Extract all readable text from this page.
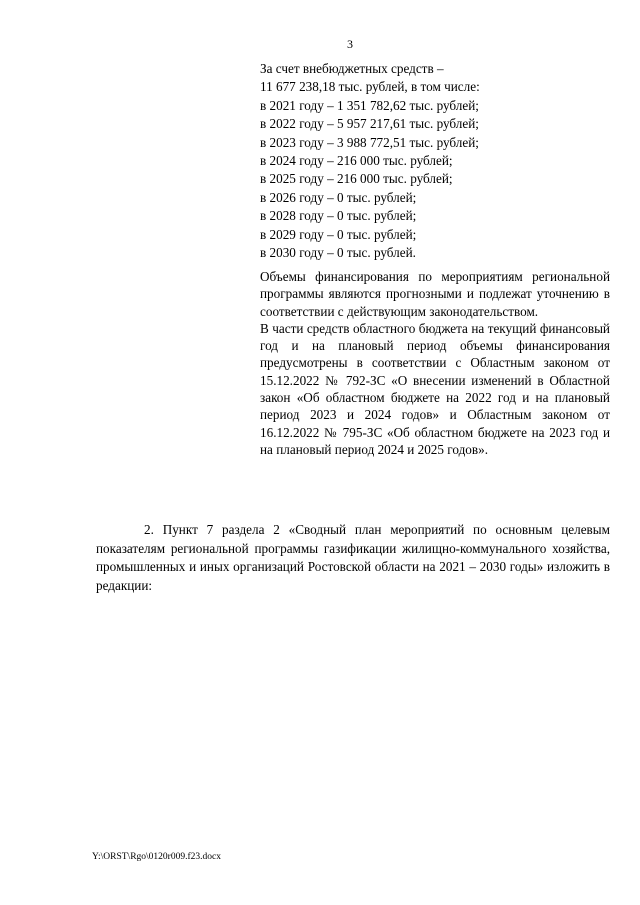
3
За счет внебюджетных средств –
11 677 238,18 тыс. рублей, в том числе:
в 2021 году – 1 351 782,62 тыс. рублей;
в 2022 году – 5 957 217,61 тыс. рублей;
в 2023 году – 3 988 772,51 тыс. рублей;
в 2024 году – 216 000 тыс. рублей;
в 2025 году – 216 000 тыс. рублей;
в 2026 году – 0 тыс. рублей;
в 2028 году – 0 тыс. рублей;
в 2029 году – 0 тыс. рублей;
в 2030 году – 0 тыс. рублей.

Объемы финансирования по мероприятиям региональной программы являются прогнозными и подлежат уточнению в соответствии с действующим законодательством.

В части средств областного бюджета на текущий финансовый год и на плановый период объемы финансирования предусмотрены в соответствии с Областным законом от 15.12.2022 № 792-ЗС «О внесении изменений в Областной закон «Об областном бюджете на 2022 год и на плановый период 2023 и 2024 годов» и Областным законом от 16.12.2022 № 795-ЗС «Об областном бюджете на 2023 год и на плановый период 2024 и 2025 годов».

2. Пункт 7 раздела 2 «Сводный план мероприятий по основным целевым показателям региональной программы газификации жилищно-коммунального хозяйства, промышленных и иных организаций Ростовской области на 2021 – 2030 годы» изложить в редакции:

Y:\ORST\Rgo\0120r009.f23.docx
